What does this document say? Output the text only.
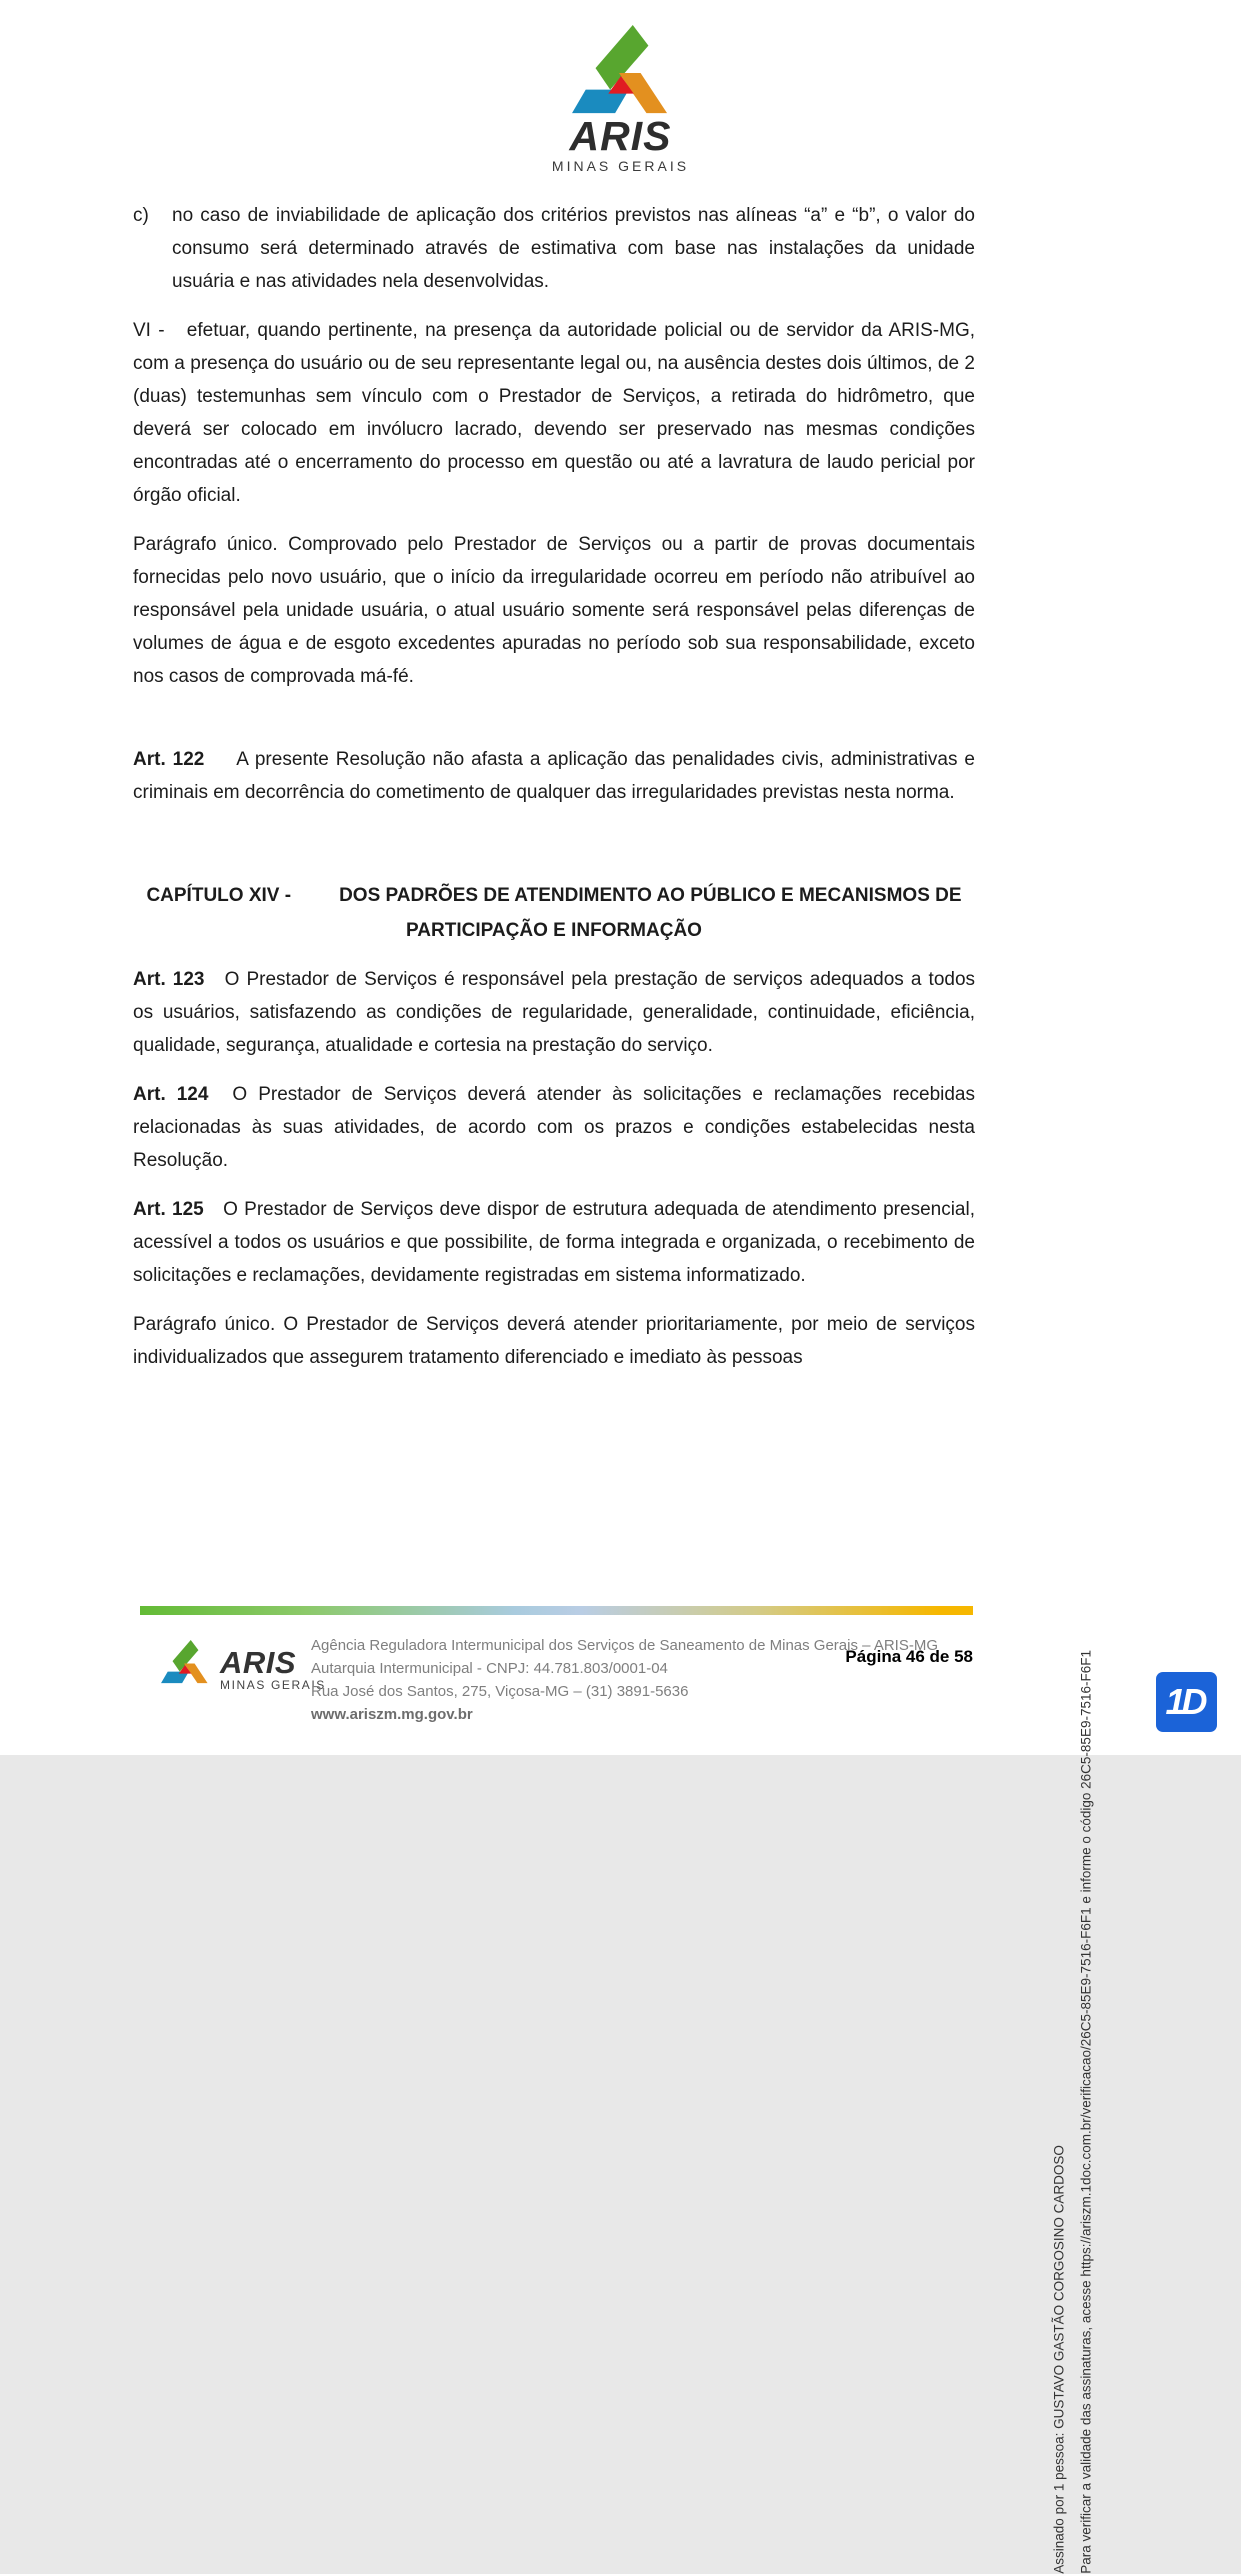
ARIS
MINAS GERAIS

c) no caso de inviabilidade de aplicação dos critérios previstos nas alíneas “a” e “b”, o valor do consumo será determinado através de estimativa com base nas instalações da unidade usuária e nas atividades nela desenvolvidas.

VI - efetuar, quando pertinente, na presença da autoridade policial ou de servidor da ARIS-MG, com a presença do usuário ou de seu representante legal ou, na ausência destes dois últimos, de 2 (duas) testemunhas sem vínculo com o Prestador de Serviços, a retirada do hidrômetro, que deverá ser colocado em invólucro lacrado, devendo ser preservado nas mesmas condições encontradas até o encerramento do processo em questão ou até a lavratura de laudo pericial por órgão oficial.

Parágrafo único. Comprovado pelo Prestador de Serviços ou a partir de provas documentais fornecidas pelo novo usuário, que o início da irregularidade ocorreu em período não atribuível ao responsável pela unidade usuária, o atual usuário somente será responsável pelas diferenças de volumes de água e de esgoto excedentes apuradas no período sob sua responsabilidade, exceto nos casos de comprovada má-fé.

Art. 122 A presente Resolução não afasta a aplicação das penalidades civis, administrativas e criminais em decorrência do cometimento de qualquer das irregularidades previstas nesta norma.

CAPÍTULO XIV -	DOS PADRÕES DE ATENDIMENTO AO PÚBLICO E MECANISMOS DE
PARTICIPAÇÃO E INFORMAÇÃO

Art. 123 O Prestador de Serviços é responsável pela prestação de serviços adequados a todos os usuários, satisfazendo as condições de regularidade, generalidade, continuidade, eficiência, qualidade, segurança, atualidade e cortesia na prestação do serviço.

Art. 124 O Prestador de Serviços deverá atender às solicitações e reclamações recebidas relacionadas às suas atividades, de acordo com os prazos e condições estabelecidas nesta Resolução.

Art. 125 O Prestador de Serviços deve dispor de estrutura adequada de atendimento presencial, acessível a todos os usuários e que possibilite, de forma integrada e organizada, o recebimento de solicitações e reclamações, devidamente registradas em sistema informatizado.

Parágrafo único. O Prestador de Serviços deverá atender prioritariamente, por meio de serviços individualizados que assegurem tratamento diferenciado e imediato às pessoas

Assinado por 1 pessoa: GUSTAVO GASTÃO CORGOSINO CARDOSO Para verificar a validade das assinaturas, acesse https://ariszm.1doc.com.br/verificacao/26C5-85E9-7516-F6F1 e informe o código 26C5-85E9-7516-F6F1
ARIS
MINAS GERAIS
Agência Reguladora Intermunicipal dos Serviços de Saneamento de Minas Gerais – ARIS-MG
Autarquia Intermunicipal - CNPJ: 44.781.803/0001-04
Rua José dos Santos, 275, Viçosa-MG – (31) 3891-5636
www.ariszm.mg.gov.br
Página 46 de 58
1D
